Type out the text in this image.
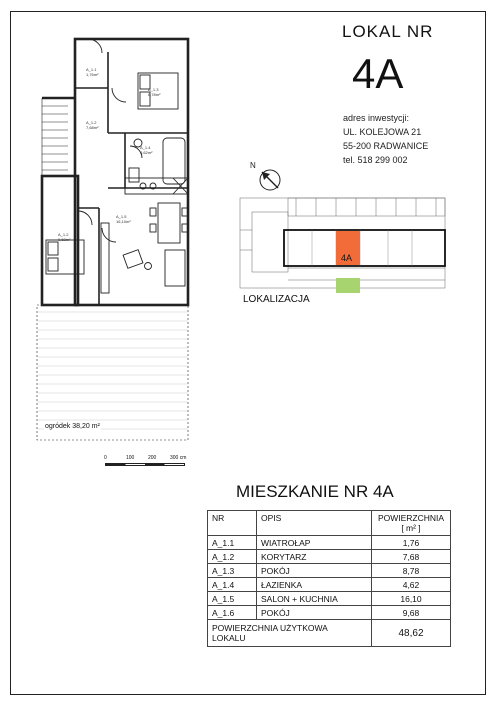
LOKAL NR
4A
adres inwestycji:
UL. KOLEJOWA 21
55-200 RADWANICE
tel. 518 299 002
A_1.1
1,76m²
A_1.3
8,78m²
A_1.2
7,68m²
A_1.4
4,62m²
A_1.5
16,10m²
A_1.2
9,68m²
ogródek 38,20 m²
0	100	200	300 cm
N
4A
LOKALIZACJA
MIESZKANIE NR 4A
NR	OPIS	POWIERZCHNIA
[ m² ]

A_1.1	WIATROŁAP	1,76
A_1.2	KORYTARZ	7,68
A_1.3	POKÓJ	8,78
A_1.4	ŁAZIENKA	4,62
A_1.5	SALON + KUCHNIA	16,10
A_1.6	POKÓJ	9,68

POWIERZCHNIA UŻYTKOWA
LOKALU		48,62
